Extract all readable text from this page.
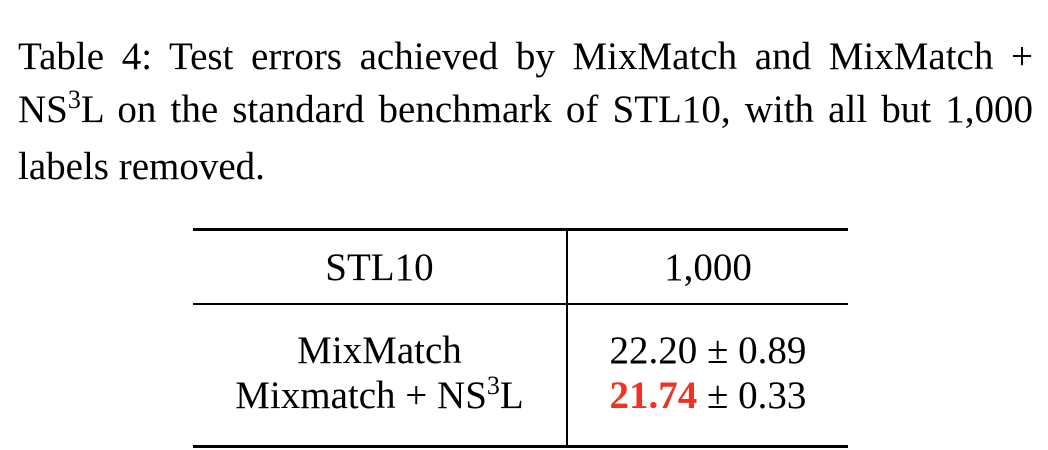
Table 4: Test errors achieved by MixMatch and MixMatch + $NS^3L$ on the standard benchmark of STL10, with all but 1,000 labels removed.
STL10	1,000
MixMatch	22.20 ± 0.89
Mixmatch + $NS^3L$	21.74 ± 0.33
